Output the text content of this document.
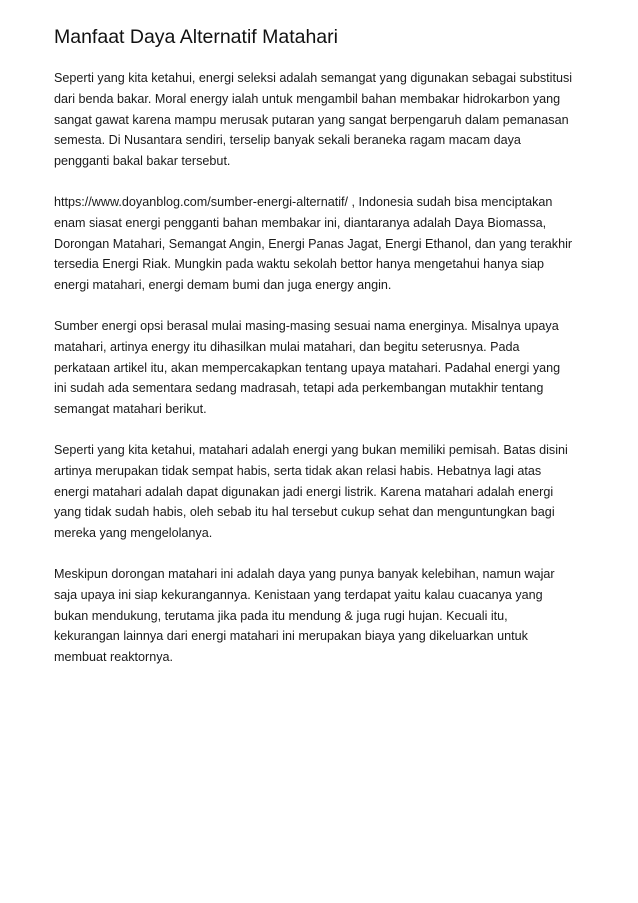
Manfaat Daya Alternatif Matahari

Seperti yang kita ketahui, energi seleksi adalah semangat yang digunakan sebagai substitusi
dari benda bakar. Moral energy ialah untuk mengambil bahan membakar hidrokarbon yang
sangat gawat karena mampu merusak putaran yang sangat berpengaruh dalam pemanasan
semesta. Di Nusantara sendiri, terselip banyak sekali beraneka ragam macam daya
pengganti bakal bakar tersebut.

https://www.doyanblog.com/sumber-energi-alternatif/ , Indonesia sudah bisa menciptakan
enam siasat energi pengganti bahan membakar ini, diantaranya adalah Daya Biomassa,
Dorongan Matahari, Semangat Angin, Energi Panas Jagat, Energi Ethanol, dan yang terakhir
tersedia Energi Riak. Mungkin pada waktu sekolah bettor hanya mengetahui hanya siap
energi matahari, energi demam bumi dan juga energy angin.

Sumber energi opsi berasal mulai masing-masing sesuai nama energinya. Misalnya upaya
matahari, artinya energy itu dihasilkan mulai matahari, dan begitu seterusnya. Pada
perkataan artikel itu, akan mempercakapkan tentang upaya matahari. Padahal energi yang
ini sudah ada sementara sedang madrasah, tetapi ada perkembangan mutakhir tentang
semangat matahari berikut.

Seperti yang kita ketahui, matahari adalah energi yang bukan memiliki pemisah. Batas disini
artinya merupakan tidak sempat habis, serta tidak akan relasi habis. Hebatnya lagi atas
energi matahari adalah dapat digunakan jadi energi listrik. Karena matahari adalah energi
yang tidak sudah habis, oleh sebab itu hal tersebut cukup sehat dan menguntungkan bagi
mereka yang mengelolanya.

Meskipun dorongan matahari ini adalah daya yang punya banyak kelebihan, namun wajar
saja upaya ini siap kekurangannya. Kenistaan yang terdapat yaitu kalau cuacanya yang
bukan mendukung, terutama jika pada itu mendung & juga rugi hujan. Kecuali itu,
kekurangan lainnya dari energi matahari ini merupakan biaya yang dikeluarkan untuk
membuat reaktornya.
